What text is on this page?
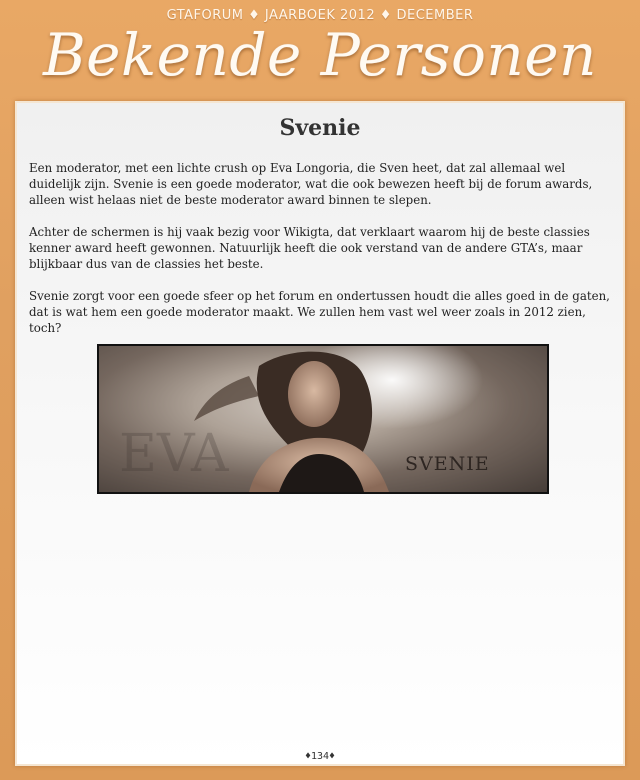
GTAFORUM ♦ JAARBOEK 2012 ♦ DECEMBER
Bekende Personen
Svenie

Een moderator, met een lichte crush op Eva Longoria, die Sven heet, dat zal allemaal wel duidelijk zijn. Svenie is een goede moderator, wat die ook bewezen heeft bij de forum awards, alleen wist helaas niet de beste moderator award binnen te slepen.

Achter de schermen is hij vaak bezig voor Wikigta, dat verklaart waarom hij de beste classies kenner award heeft gewonnen. Natuurlijk heeft die ook verstand van de andere GTA’s, maar blijkbaar dus van de classies het beste.

Svenie zorgt voor een goede sfeer op het forum en ondertussen houdt die alles goed in de gaten, dat is wat hem een goede moderator maakt. We zullen hem vast wel weer zoals in 2012 zien, toch?

EVA	SVENIE
♦134♦
